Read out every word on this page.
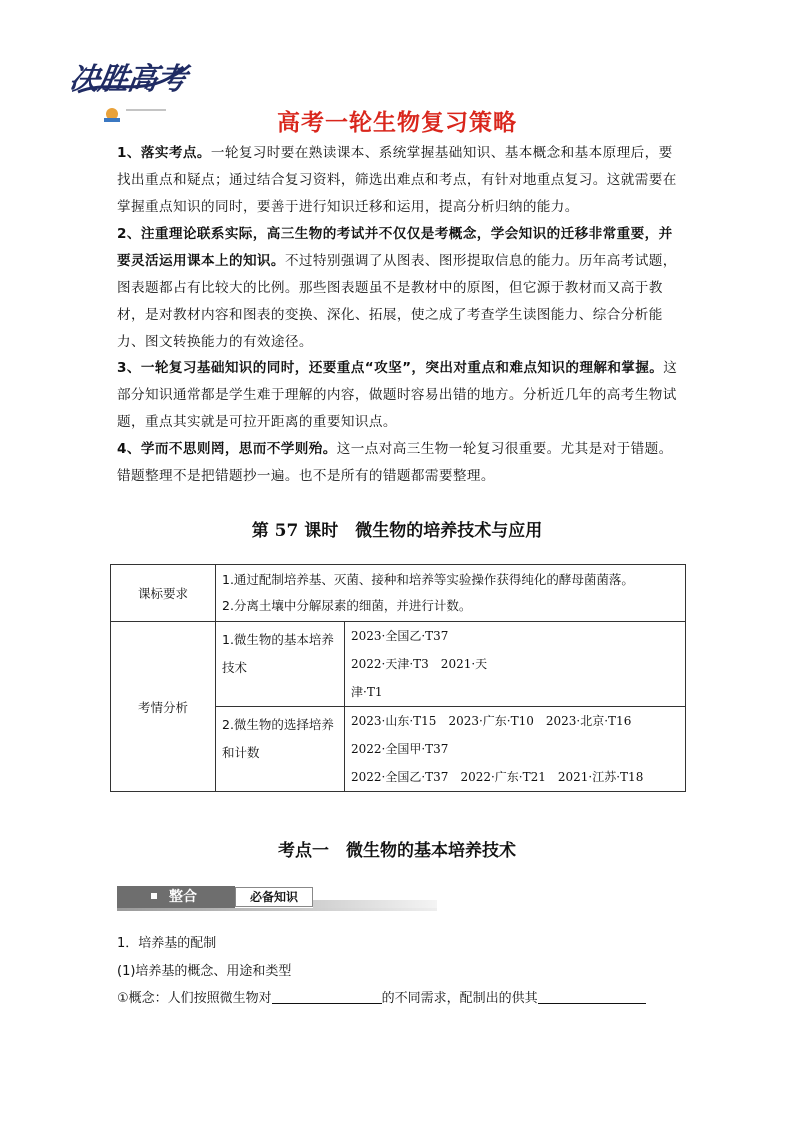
决胜高考
高考一轮生物复习策略
1、落实考点。一轮复习时要在熟读课本、系统掌握基础知识、基本概念和基本原理后，要找出重点和疑点；通过结合复习资料，筛选出难点和考点，有针对地重点复习。这就需要在掌握重点知识的同时，要善于进行知识迁移和运用，提高分析归纳的能力。
2、注重理论联系实际，高三生物的考试并不仅仅是考概念，学会知识的迁移非常重要，并要灵活运用课本上的知识。不过特别强调了从图表、图形提取信息的能力。历年高考试题，图表题都占有比较大的比例。那些图表题虽不是教材中的原图，但它源于教材而又高于教材，是对教材内容和图表的变换、深化、拓展，使之成了考查学生读图能力、综合分析能力、图文转换能力的有效途径。
3、一轮复习基础知识的同时，还要重点“攻坚”，突出对重点和难点知识的理解和掌握。这部分知识通常都是学生难于理解的内容，做题时容易出错的地方。分析近几年的高考生物试题，重点其实就是可拉开距离的重要知识点。
4、学而不思则罔，思而不学则殆。这一点对高三生物一轮复习很重要。尤其是对于错题。错题整理不是把错题抄一遍。也不是所有的错题都需要整理。
第 57 课时　微生物的培养技术与应用
课标要求	1.通过配制培养基、灭菌、接种和培养等实验操作获得纯化的酵母菌菌落。
2.分离土壤中分解尿素的细菌，并进行计数。	

考情分析	1.微生物的基本培养技术	2023·全国乙·T37
2022·天津·T3　2021·天
津·T1

	2.微生物的选择培养和计数	2023·山东·T15　2023·广东·T10　2023·北京·T16
2022·全国甲·T37
2022·全国乙·T37　2022·广东·T21　2021·江苏·T18
考点一　微生物的基本培养技术
整合	必备知识
1．培养基的配制
(1)培养基的概念、用途和类型
①概念：人们按照微生物对	的不同需求，配制出的供其
